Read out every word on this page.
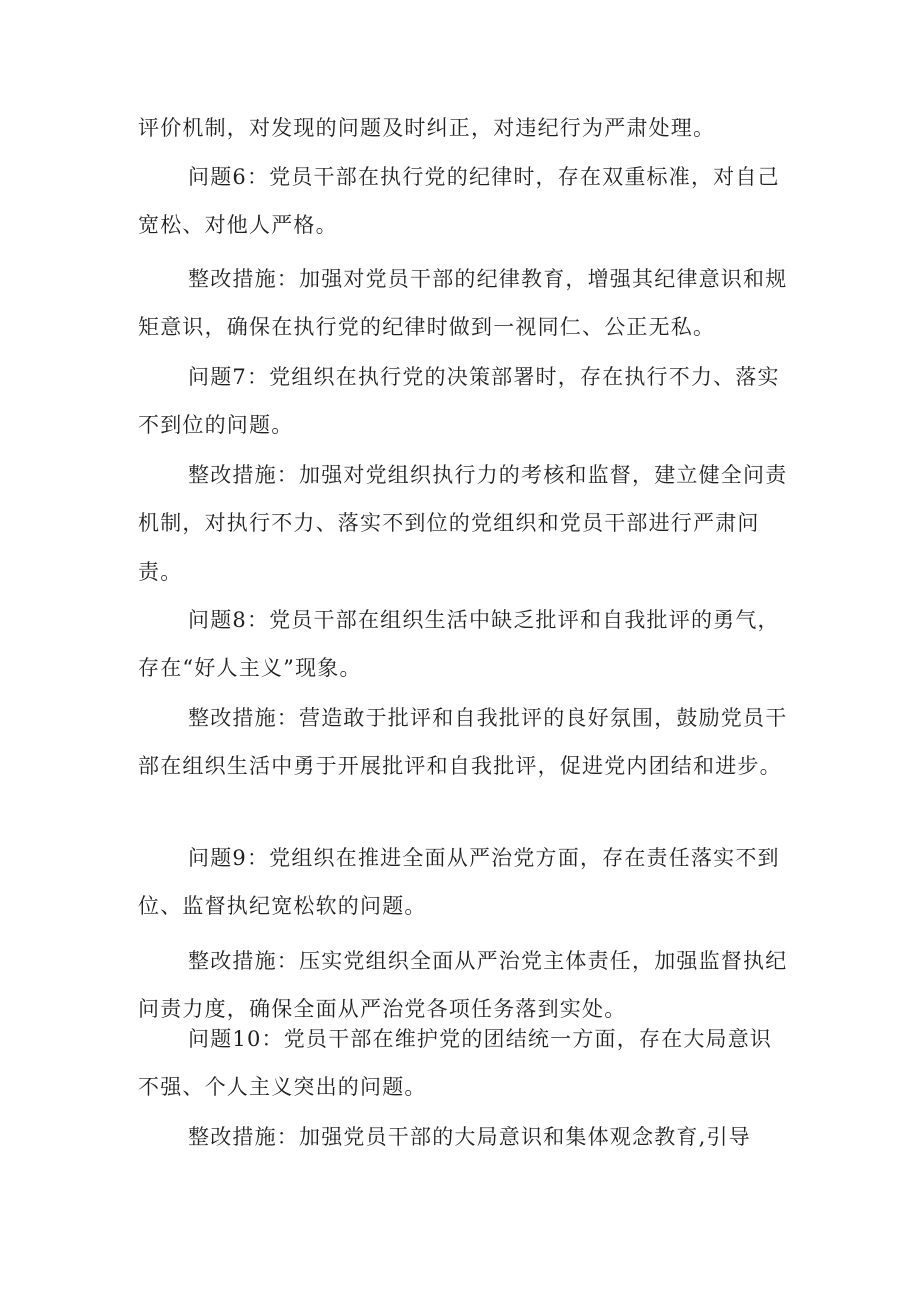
评价机制，对发现的问题及时纠正，对违纪行为严肃处理。

问题6：党员干部在执行党的纪律时，存在双重标准，对自己宽松、对他人严格。

整改措施：加强对党员干部的纪律教育，增强其纪律意识和规矩意识，确保在执行党的纪律时做到一视同仁、公正无私。

问题7：党组织在执行党的决策部署时，存在执行不力、落实不到位的问题。

整改措施：加强对党组织执行力的考核和监督，建立健全问责机制，对执行不力、落实不到位的党组织和党员干部进行严肃问责。

问题8：党员干部在组织生活中缺乏批评和自我批评的勇气，存在“好人主义”现象。

整改措施：营造敢于批评和自我批评的良好氛围，鼓励党员干部在组织生活中勇于开展批评和自我批评，促进党内团结和进步。

问题9：党组织在推进全面从严治党方面，存在责任落实不到位、监督执纪宽松软的问题。

整改措施：压实党组织全面从严治党主体责任，加强监督执纪问责力度，确保全面从严治党各项任务落到实处。

问题10：党员干部在维护党的团结统一方面，存在大局意识不强、个人主义突出的问题。

整改措施：加强党员干部的大局意识和集体观念教育,引导
